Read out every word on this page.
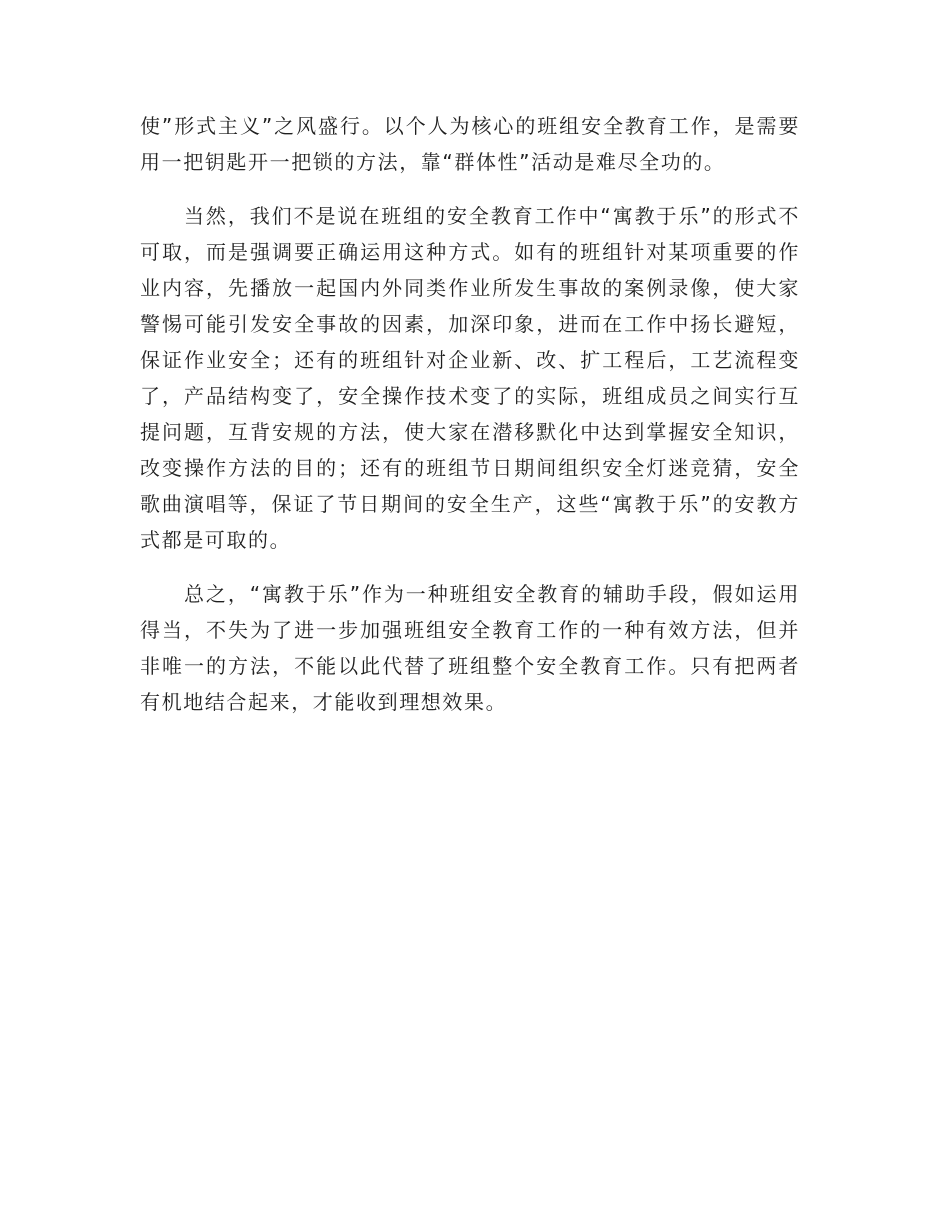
使”形式主义”之风盛行。以个人为核心的班组安全教育工作，是需要用一把钥匙开一把锁的方法，靠“群体性”活动是难尽全功的。

当然，我们不是说在班组的安全教育工作中“寓教于乐”的形式不可取，而是强调要正确运用这种方式。如有的班组针对某项重要的作业内容，先播放一起国内外同类作业所发生事故的案例录像，使大家警惕可能引发安全事故的因素，加深印象，进而在工作中扬长避短，保证作业安全；还有的班组针对企业新、改、扩工程后，工艺流程变了，产品结构变了，安全操作技术变了的实际，班组成员之间实行互提问题，互背安规的方法，使大家在潜移默化中达到掌握安全知识，改变操作方法的目的；还有的班组节日期间组织安全灯迷竞猜，安全歌曲演唱等，保证了节日期间的安全生产，这些“寓教于乐”的安教方式都是可取的。

总之，“寓教于乐”作为一种班组安全教育的辅助手段，假如运用得当，不失为了进一步加强班组安全教育工作的一种有效方法，但并非唯一的方法，不能以此代替了班组整个安全教育工作。只有把两者有机地结合起来，才能收到理想效果。
